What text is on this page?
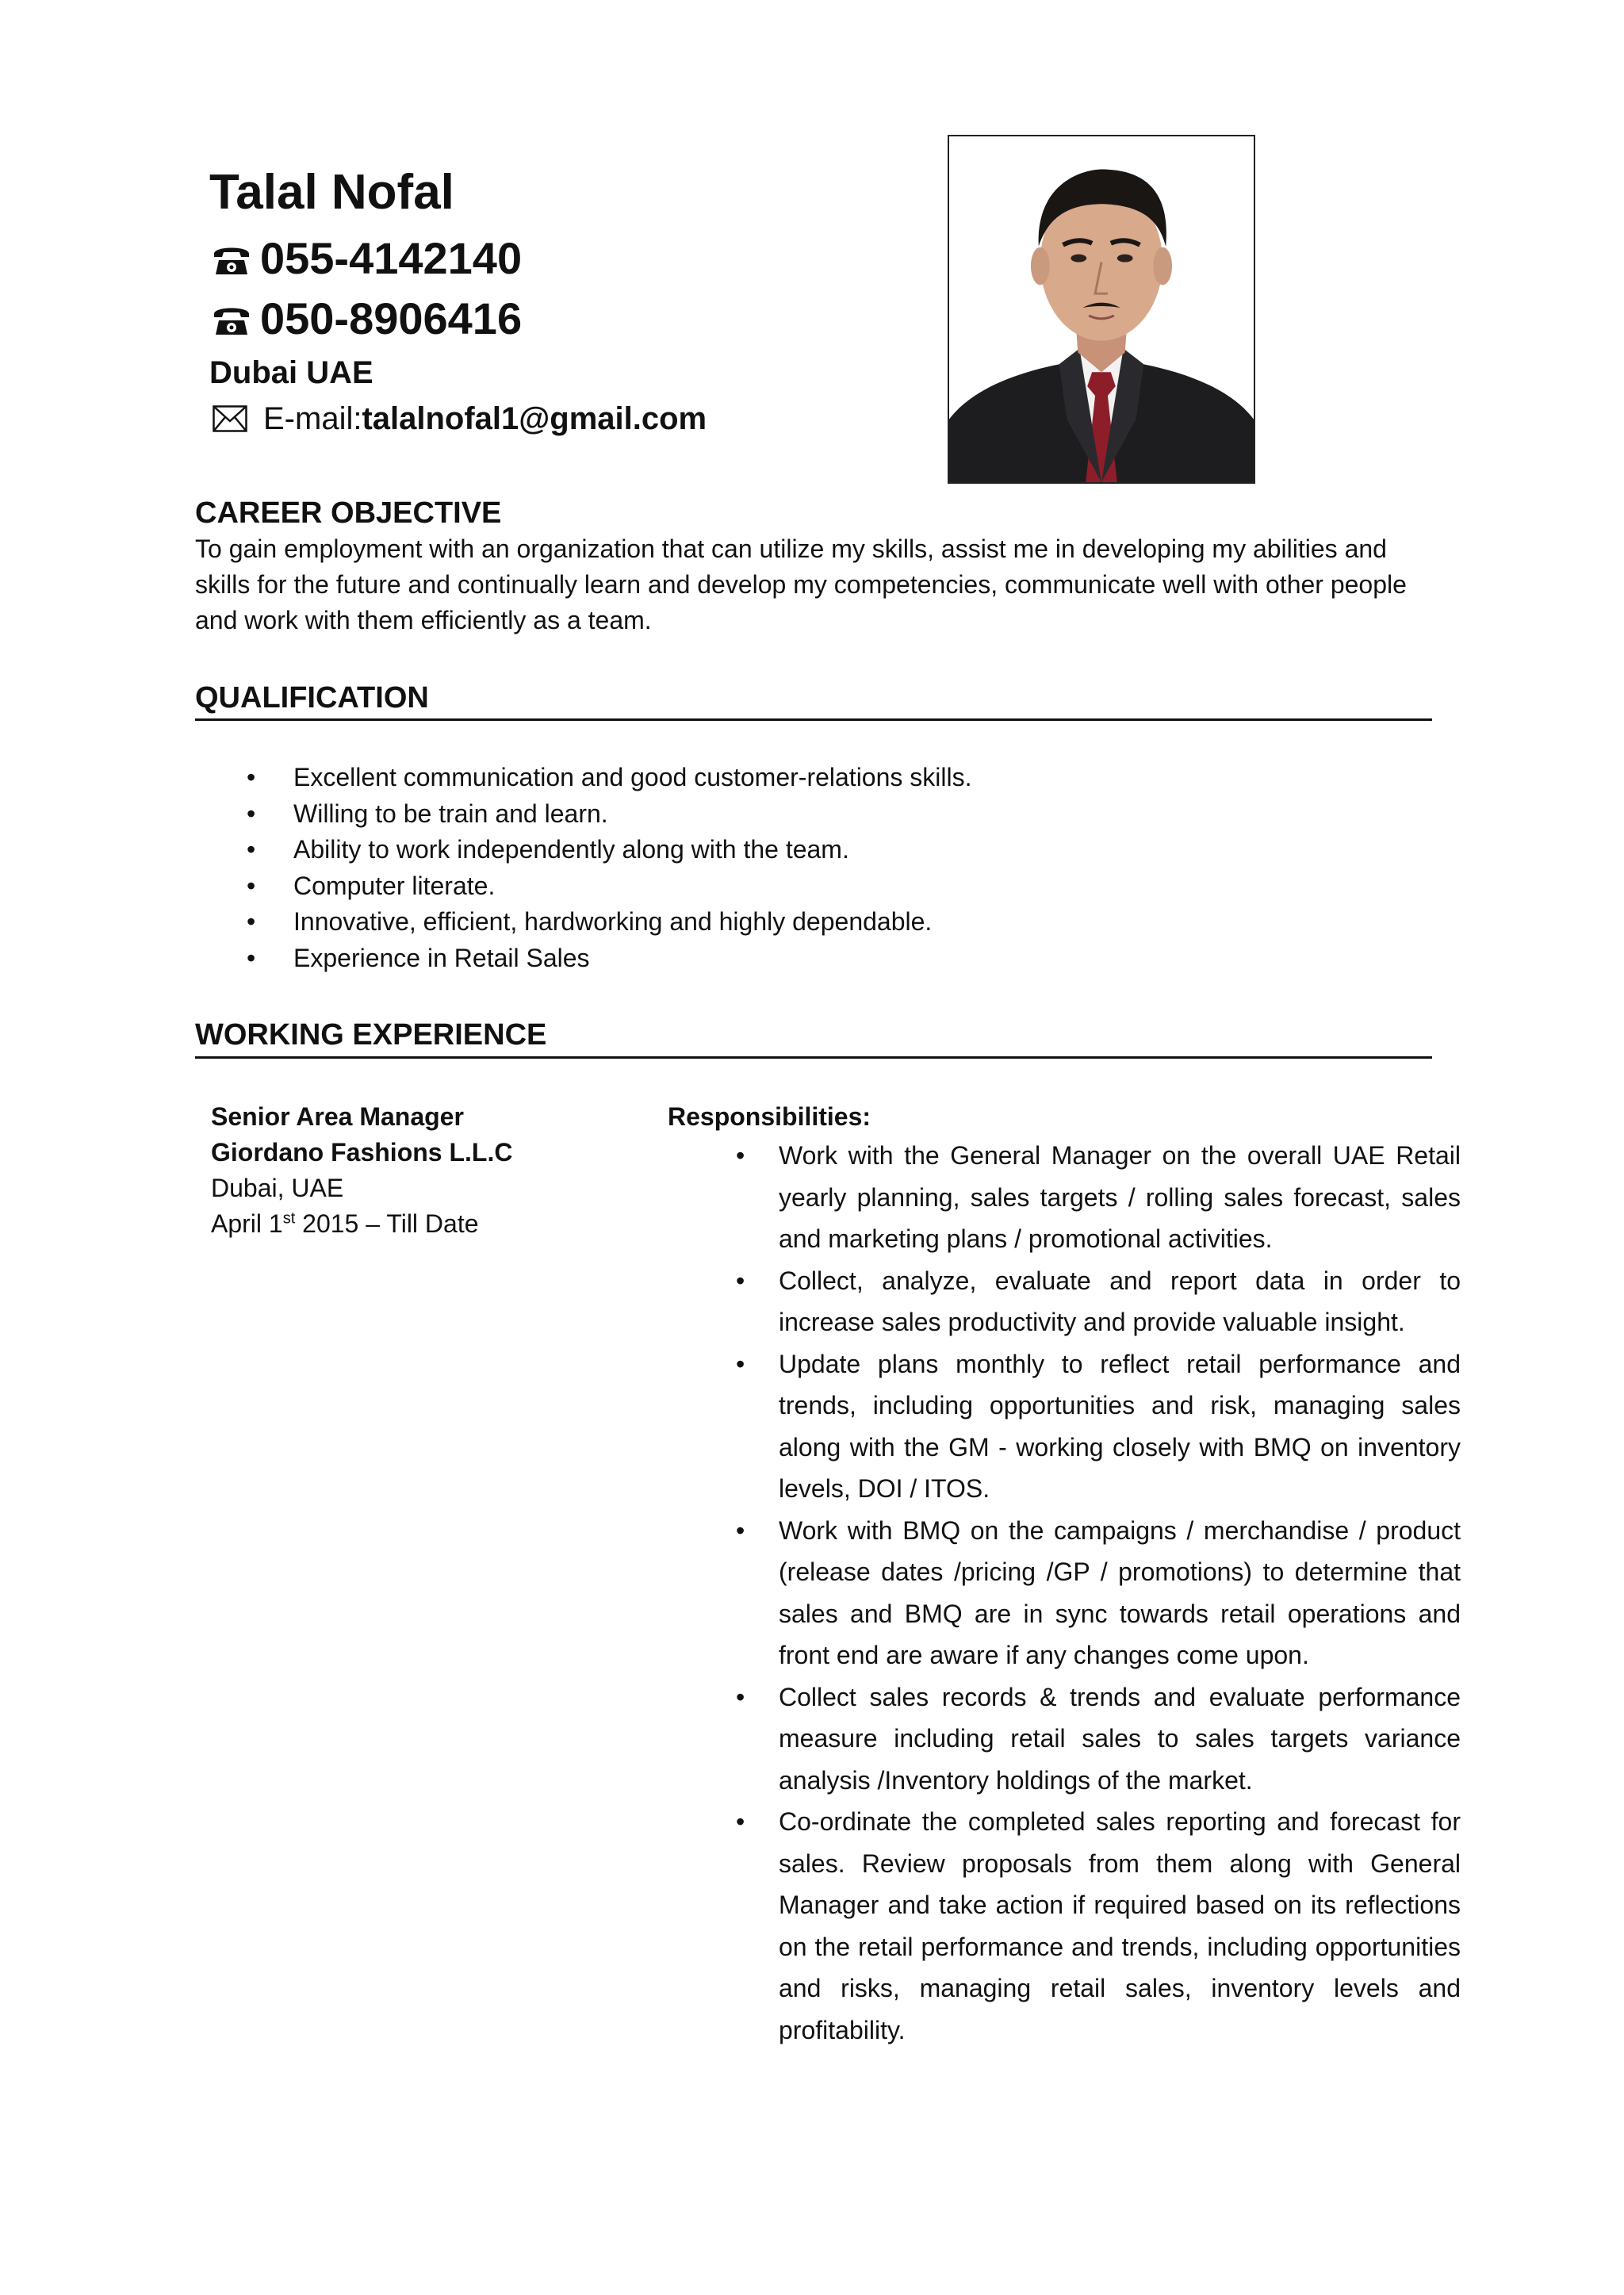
Talal Nofal
055-4142140
050-8906416
Dubai UAE
E-mail: talalnofal1@gmail.com
CAREER OBJECTIVE
To gain employment with an organization that can utilize my skills, assist me in developing my abilities and skills for the future and continually learn and develop my competencies, communicate well with other people and work with them efficiently as a team.
QUALIFICATION
• Excellent communication and good customer-relations skills.
• Willing to be train and learn.
• Ability to work independently along with the team.
• Computer literate.
• Innovative, efficient, hardworking and highly dependable.
• Experience in Retail Sales
WORKING EXPERIENCE
Senior Area Manager
Giordano Fashions L.L.C
Dubai, UAE
April 1st 2015 – Till Date
Responsibilities:
• Work with the General Manager on the overall UAE Retail yearly planning, sales targets / rolling sales forecast, sales and marketing plans / promotional activities.
• Collect, analyze, evaluate and report data in order to increase sales productivity and provide valuable insight.
• Update plans monthly to reflect retail performance and trends, including opportunities and risk, managing sales along with the GM - working closely with BMQ on inventory levels, DOI / ITOS.
• Work with BMQ on the campaigns / merchandise / product (release dates /pricing /GP / promotions) to determine that sales and BMQ are in sync towards retail operations and front end are aware if any changes come upon.
• Collect sales records & trends and evaluate performance measure including retail sales to sales targets variance analysis /Inventory holdings of the market.
• Co-ordinate the completed sales reporting and forecast for sales. Review proposals from them along with General Manager and take action if required based on its reflections on the retail performance and trends, including opportunities and risks, managing retail sales, inventory levels and profitability.
